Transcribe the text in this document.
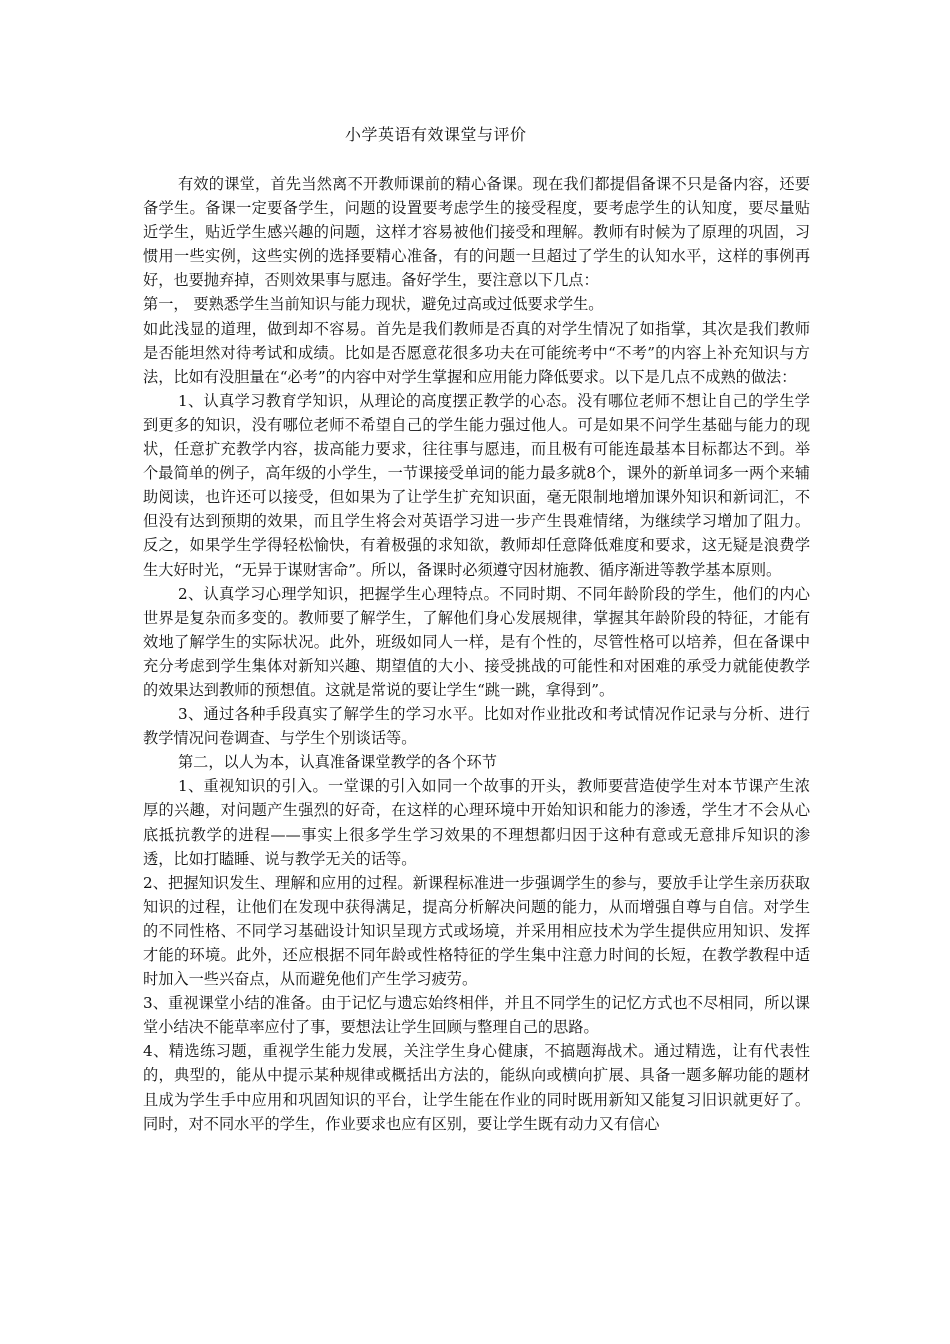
小学英语有效课堂与评价

有效的课堂，首先当然离不开教师课前的精心备课。现在我们都提倡备课不只是备内容，还要备学生。备课一定要备学生，问题的设置要考虑学生的接受程度，要考虑学生的认知度，要尽量贴近学生，贴近学生感兴趣的问题，这样才容易被他们接受和理解。教师有时候为了原理的巩固，习惯用一些实例，这些实例的选择要精心准备，有的问题一旦超过了学生的认知水平，这样的事例再好，也要抛弃掉，否则效果事与愿违。备好学生，要注意以下几点：

第一， 要熟悉学生当前知识与能力现状，避免过高或过低要求学生。

如此浅显的道理，做到却不容易。首先是我们教师是否真的对学生情况了如指掌，其次是我们教师是否能坦然对待考试和成绩。比如是否愿意花很多功夫在可能统考中“不考”的内容上补充知识与方法，比如有没胆量在“必考”的内容中对学生掌握和应用能力降低要求。以下是几点不成熟的做法：

1、认真学习教育学知识，从理论的高度摆正教学的心态。没有哪位老师不想让自己的学生学到更多的知识，没有哪位老师不希望自己的学生能力强过他人。可是如果不问学生基础与能力的现状，任意扩充教学内容，拔高能力要求，往往事与愿违，而且极有可能连最基本目标都达不到。举个最简单的例子，高年级的小学生，一节课接受单词的能力最多就8个，课外的新单词多一两个来辅助阅读，也许还可以接受，但如果为了让学生扩充知识面，毫无限制地增加课外知识和新词汇，不但没有达到预期的效果，而且学生将会对英语学习进一步产生畏难情绪，为继续学习增加了阻力。反之，如果学生学得轻松愉快，有着极强的求知欲，教师却任意降低难度和要求，这无疑是浪费学生大好时光，“无异于谋财害命”。所以，备课时必须遵守因材施教、循序渐进等教学基本原则。

2、认真学习心理学知识，把握学生心理特点。不同时期、不同年龄阶段的学生，他们的内心世界是复杂而多变的。教师要了解学生，了解他们身心发展规律，掌握其年龄阶段的特征，才能有效地了解学生的实际状况。此外，班级如同人一样，是有个性的，尽管性格可以培养，但在备课中充分考虑到学生集体对新知兴趣、期望值的大小、接受挑战的可能性和对困难的承受力就能使教学的效果达到教师的预想值。这就是常说的要让学生“跳一跳，拿得到”。

3、通过各种手段真实了解学生的学习水平。比如对作业批改和考试情况作记录与分析、进行教学情况问卷调查、与学生个别谈话等。

第二，以人为本，认真准备课堂教学的各个环节

1、重视知识的引入。一堂课的引入如同一个故事的开头，教师要营造使学生对本节课产生浓厚的兴趣，对问题产生强烈的好奇，在这样的心理环境中开始知识和能力的渗透，学生才不会从心底抵抗教学的进程——事实上很多学生学习效果的不理想都归因于这种有意或无意排斥知识的渗透，比如打瞌睡、说与教学无关的话等。

2、把握知识发生、理解和应用的过程。新课程标准进一步强调学生的参与，要放手让学生亲历获取知识的过程，让他们在发现中获得满足，提高分析解决问题的能力，从而增强自尊与自信。对学生的不同性格、不同学习基础设计知识呈现方式或场境，并采用相应技术为学生提供应用知识、发挥才能的环境。此外，还应根据不同年龄或性格特征的学生集中注意力时间的长短，在教学教程中适时加入一些兴奋点，从而避免他们产生学习疲劳。

3、重视课堂小结的准备。由于记忆与遗忘始终相伴，并且不同学生的记忆方式也不尽相同，所以课堂小结决不能草率应付了事，要想法让学生回顾与整理自己的思路。

4、精选练习题，重视学生能力发展，关注学生身心健康，不搞题海战术。通过精选，让有代表性的，典型的，能从中提示某种规律或概括出方法的，能纵向或横向扩展、具备一题多解功能的题材且成为学生手中应用和巩固知识的平台，让学生能在作业的同时既用新知又能复习旧识就更好了。同时，对不同水平的学生，作业要求也应有区别，要让学生既有动力又有信心
